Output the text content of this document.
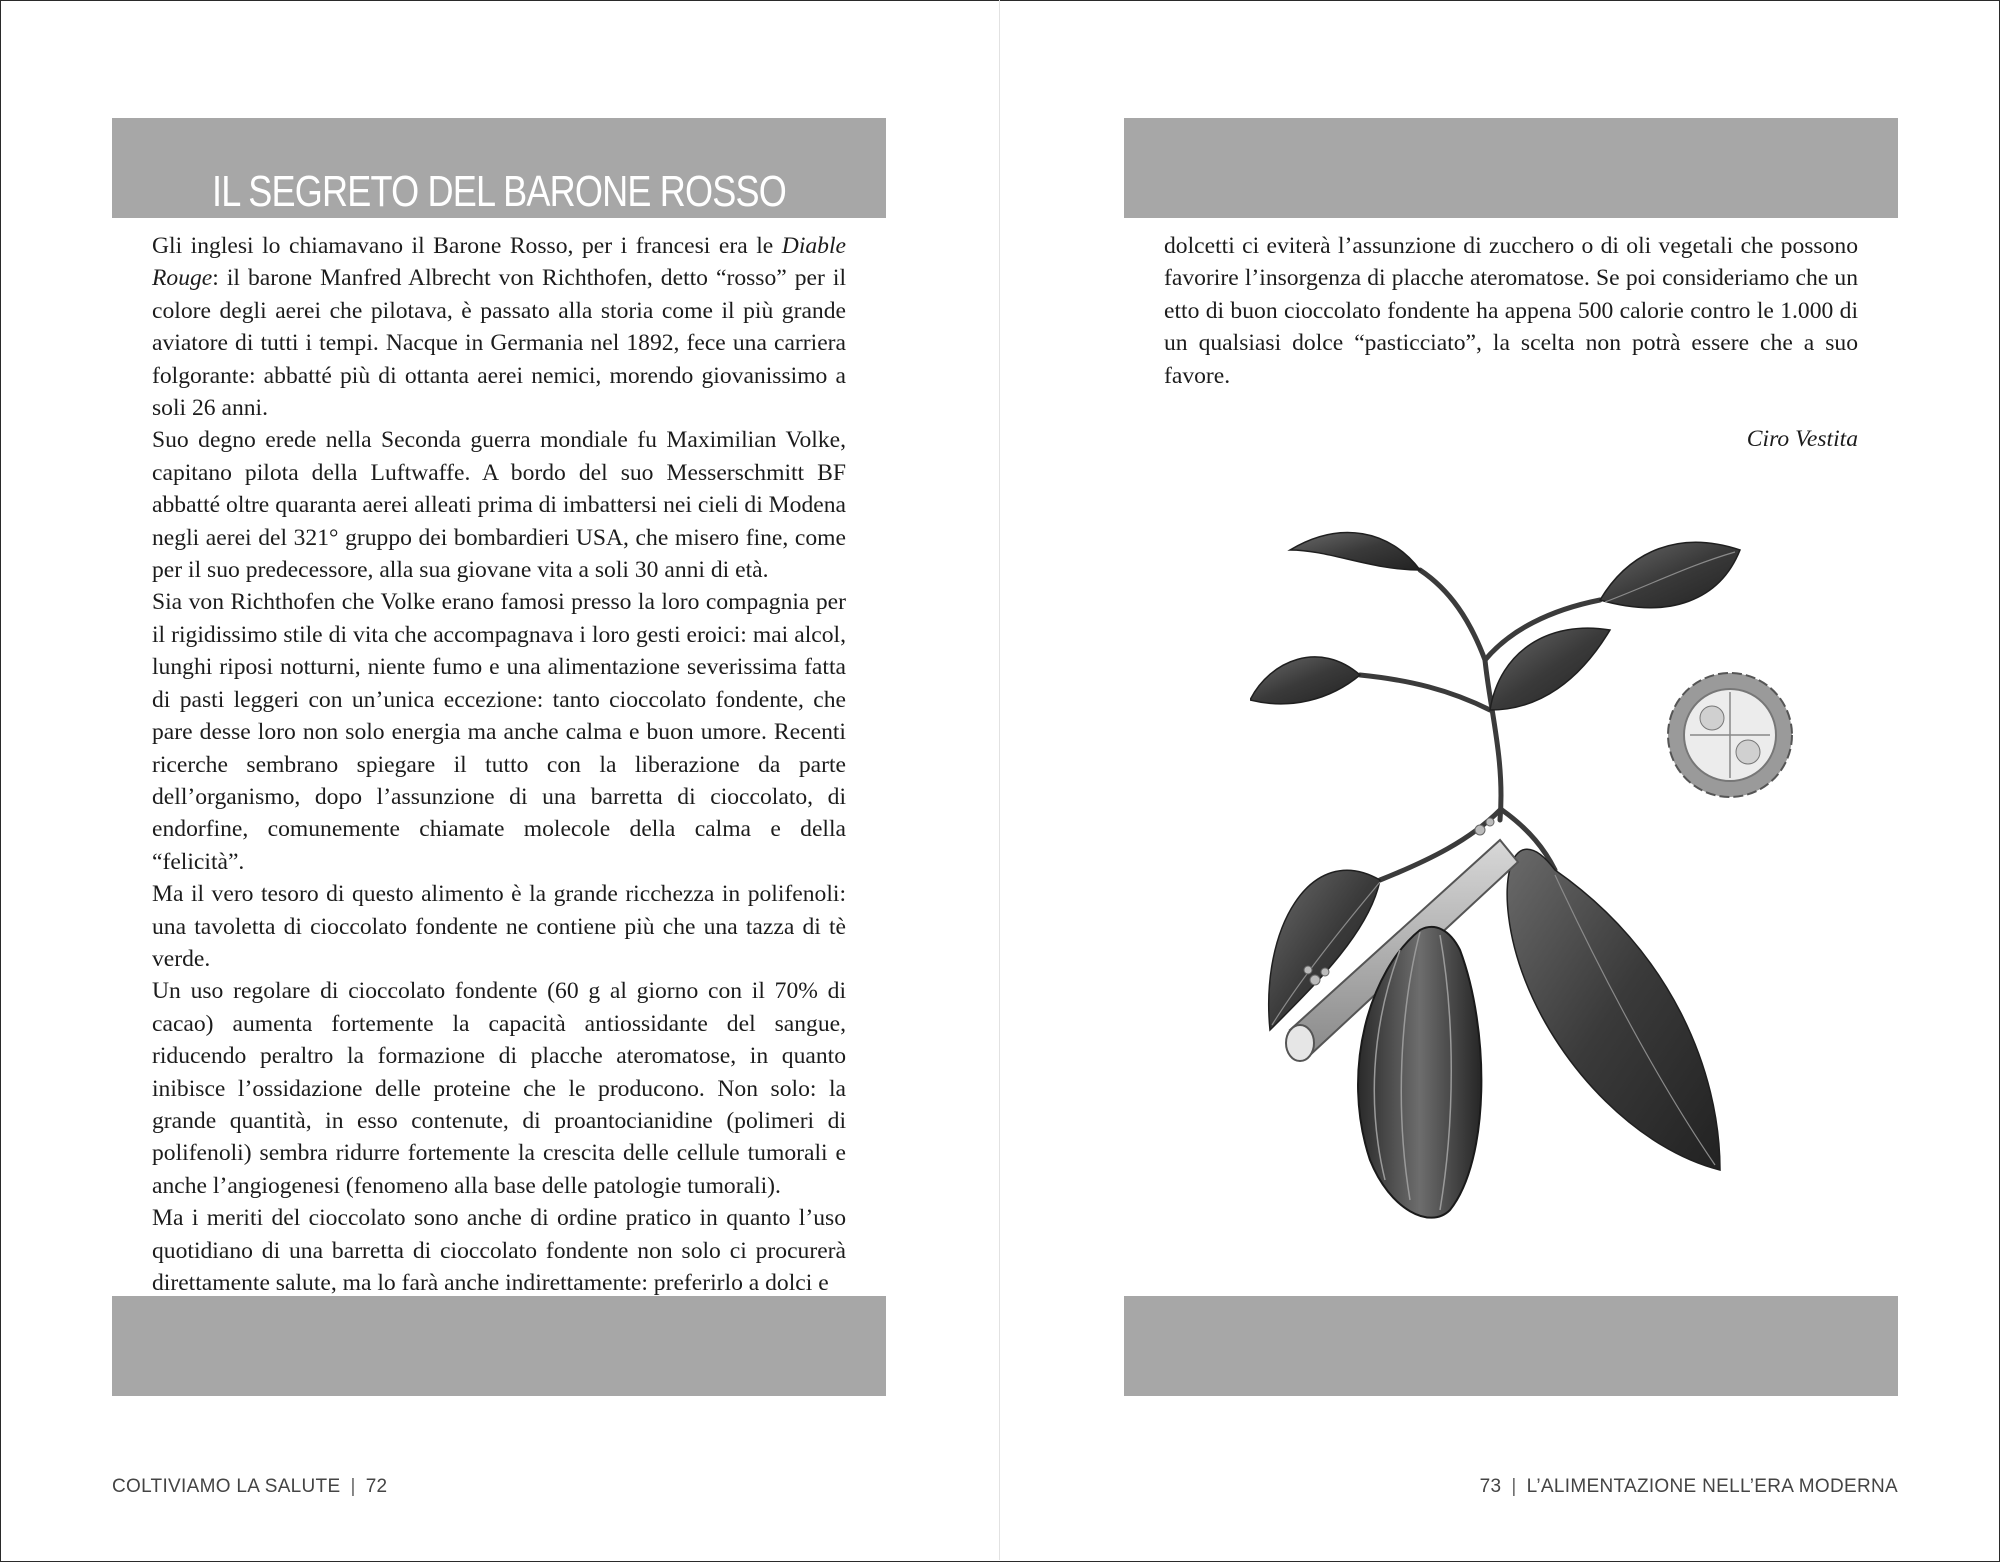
IL SEGRETO DEL BARONE ROSSO

Gli inglesi lo chiamavano il Barone Rosso, per i francesi era le Diable Rouge: il barone Manfred Albrecht von Richthofen, detto “rosso” per il colore degli aerei che pilotava, è passato alla storia come il più grande aviatore di tutti i tempi. Nacque in Germania nel 1892, fece una carriera folgorante: abbatté più di ottanta aerei nemici, morendo giovanissimo a soli 26 anni.

Suo degno erede nella Seconda guerra mondiale fu Maximilian Volke, capitano pilota della Luftwaffe. A bordo del suo Messerschmitt BF abbatté oltre quaranta aerei alleati prima di imbattersi nei cieli di Modena negli aerei del 321° gruppo dei bombardieri USA, che misero fine, come per il suo predecessore, alla sua giovane vita a soli 30 anni di età.

Sia von Richthofen che Volke erano famosi presso la loro compagnia per il rigidissimo stile di vita che accompagnava i loro gesti eroici: mai alcol, lunghi riposi notturni, niente fumo e una alimentazione severissima fatta di pasti leggeri con un’unica eccezione: tanto cioccolato fondente, che pare desse loro non solo energia ma anche calma e buon umore. Recenti ricerche sembrano spiegare il tutto con la liberazione da parte dell’organismo, dopo l’assunzione di una barretta di cioccolato, di endorfine, comunemente chiamate molecole della calma e della “felicità”.

Ma il vero tesoro di questo alimento è la grande ricchezza in polifenoli: una tavoletta di cioccolato fondente ne contiene più che una tazza di tè verde.

Un uso regolare di cioccolato fondente (60 g al giorno con il 70% di cacao) aumenta fortemente la capacità antiossidante del sangue, riducendo peraltro la formazione di placche ateromatose, in quanto inibisce l’ossidazione delle proteine che le producono. Non solo: la grande quantità, in esso contenute, di proantocianidine (polimeri di polifenoli) sembra ridurre fortemente la crescita delle cellule tumorali e anche l’angiogenesi (fenomeno alla base delle patologie tumorali).

Ma i meriti del cioccolato sono anche di ordine pratico in quanto l’uso quotidiano di una barretta di cioccolato fondente non solo ci procurerà direttamente salute, ma lo farà anche indirettamente: preferirlo a dolci e

COLTIVIAMO LA SALUTE | 72

dolcetti ci eviterà l’assunzione di zucchero o di oli vegetali che possono favorire l’insorgenza di placche ateromatose. Se poi consideriamo che un etto di buon cioccolato fondente ha appena 500 calorie contro le 1.000 di un qualsiasi dolce “pasticciato”, la scelta non potrà essere che a suo favore.

Ciro Vestita
73 | L’ALIMENTAZIONE NELL’ERA MODERNA
